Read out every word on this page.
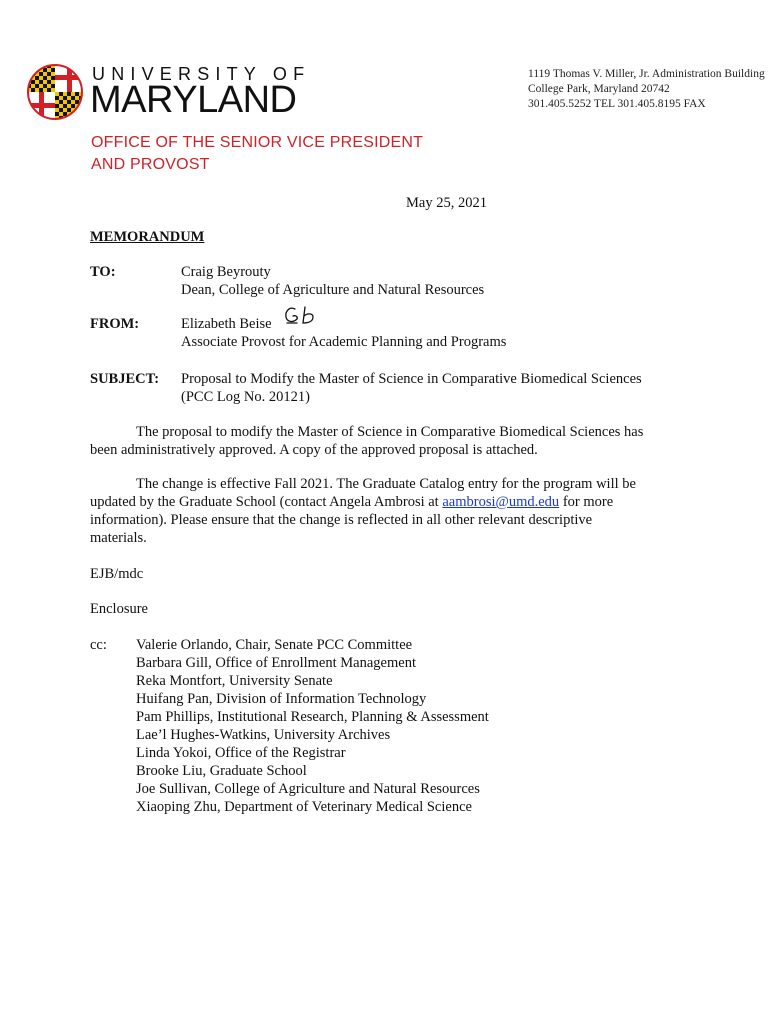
UNIVERSITY OF
MARYLAND
OFFICE OF THE SENIOR VICE PRESIDENT
AND PROVOST
1119 Thomas V. Miller, Jr. Administration Building
College Park, Maryland 20742
301.405.5252 TEL 301.405.8195 FAX
May 25, 2021
MEMORANDUM
TO:	Craig Beyrouty
Dean, College of Agriculture and Natural Resources
FROM:	Elizabeth Beise
Associate Provost for Academic Planning and Programs
SUBJECT: Proposal to Modify the Master of Science in Comparative Biomedical Sciences
(PCC Log No. 20121)
The proposal to modify the Master of Science in Comparative Biomedical Sciences has
been administratively approved. A copy of the approved proposal is attached.
The change is effective Fall 2021. The Graduate Catalog entry for the program will be
updated by the Graduate School (contact Angela Ambrosi at aambrosi@umd.edu for more
information). Please ensure that the change is reflected in all other relevant descriptive
materials.
EJB/mdc
Enclosure
cc: Valerie Orlando, Chair, Senate PCC Committee
Barbara Gill, Office of Enrollment Management
Reka Montfort, University Senate
Huifang Pan, Division of Information Technology
Pam Phillips, Institutional Research, Planning & Assessment
Lae’l Hughes-Watkins, University Archives
Linda Yokoi, Office of the Registrar
Brooke Liu, Graduate School
Joe Sullivan, College of Agriculture and Natural Resources
Xiaoping Zhu, Department of Veterinary Medical Science
